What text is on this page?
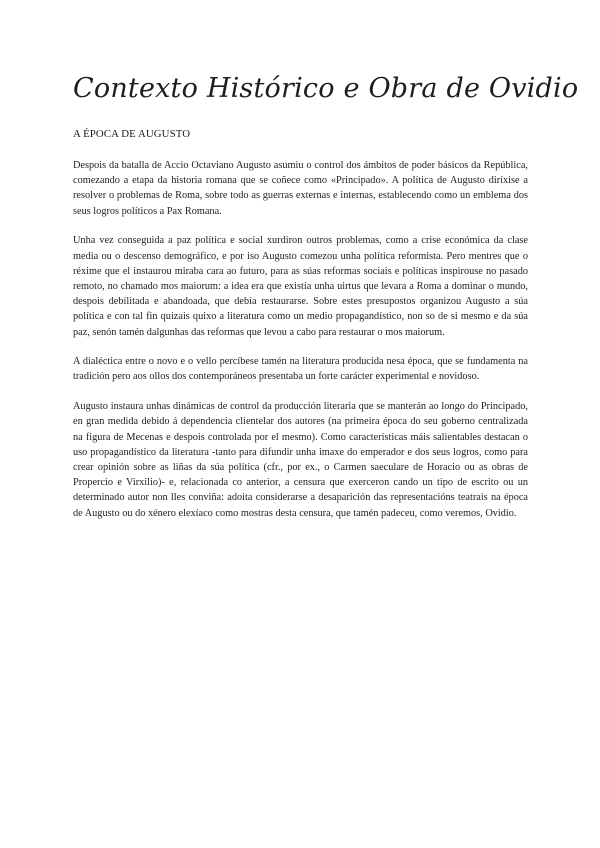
Contexto Histórico e Obra de Ovidio
A ÉPOCA DE AUGUSTO

Despois da batalla de Accio Octaviano Augusto asumiu o control dos ámbitos de poder básicos da República, comezando a etapa da historia romana que se coñece como «Principado». A política de Augusto diríxise a resolver o problemas de Roma, sobre todo as guerras externas e internas, establecendo como un emblema dos seus logros políticos a Pax Romana.

Unha vez conseguida a paz política e social xurdiron outros problemas, como a crise económica da clase media ou o descenso demográfico, e por iso Augusto comezou unha política reformista. Pero mentres que o réxime que el instaurou miraba cara ao futuro, para as súas reformas sociais e políticas inspirouse no pasado remoto, no chamado mos maiorum: a idea era que existía unha uirtus que levara a Roma a dominar o mundo, despois debilitada e abandoada, que debía restaurarse. Sobre estes presupostos organizou Augusto a súa política e con tal fin quizais quixo a literatura como un medio propagandístico, non so de si mesmo e da súa paz, senón tamén dalgunhas das reformas que levou a cabo para restaurar o mos maiorum.

A dialéctica entre o novo e o vello percíbese tamén na literatura producida nesa época, que se fundamenta na tradición pero aos ollos dos contemporáneos presentaba un forte carácter experimental e novidoso.

Augusto instaura unhas dinámicas de control da producción literaria que se manterán ao longo do Principado, en gran medida debido á dependencia clientelar dos autores (na primeira época do seu goberno centralizada na figura de Mecenas e despois controlada por el mesmo). Como características máis salientables destacan o uso propagandístico da literatura -tanto para difundir unha imaxe do emperador e dos seus logros, como para crear opinión sobre as liñas da súa política (cfr., por ex., o Carmen saeculare de Horacio ou as obras de Propercio e Virxilio)- e, relacionada co anterior, a censura que exerceron cando un tipo de escrito ou un determinado autor non lles conviña: adoita considerarse a desaparición das representacións teatrais na época de Augusto ou do xénero elexíaco como mostras desta censura, que tamén padeceu, como veremos, Ovidio.
